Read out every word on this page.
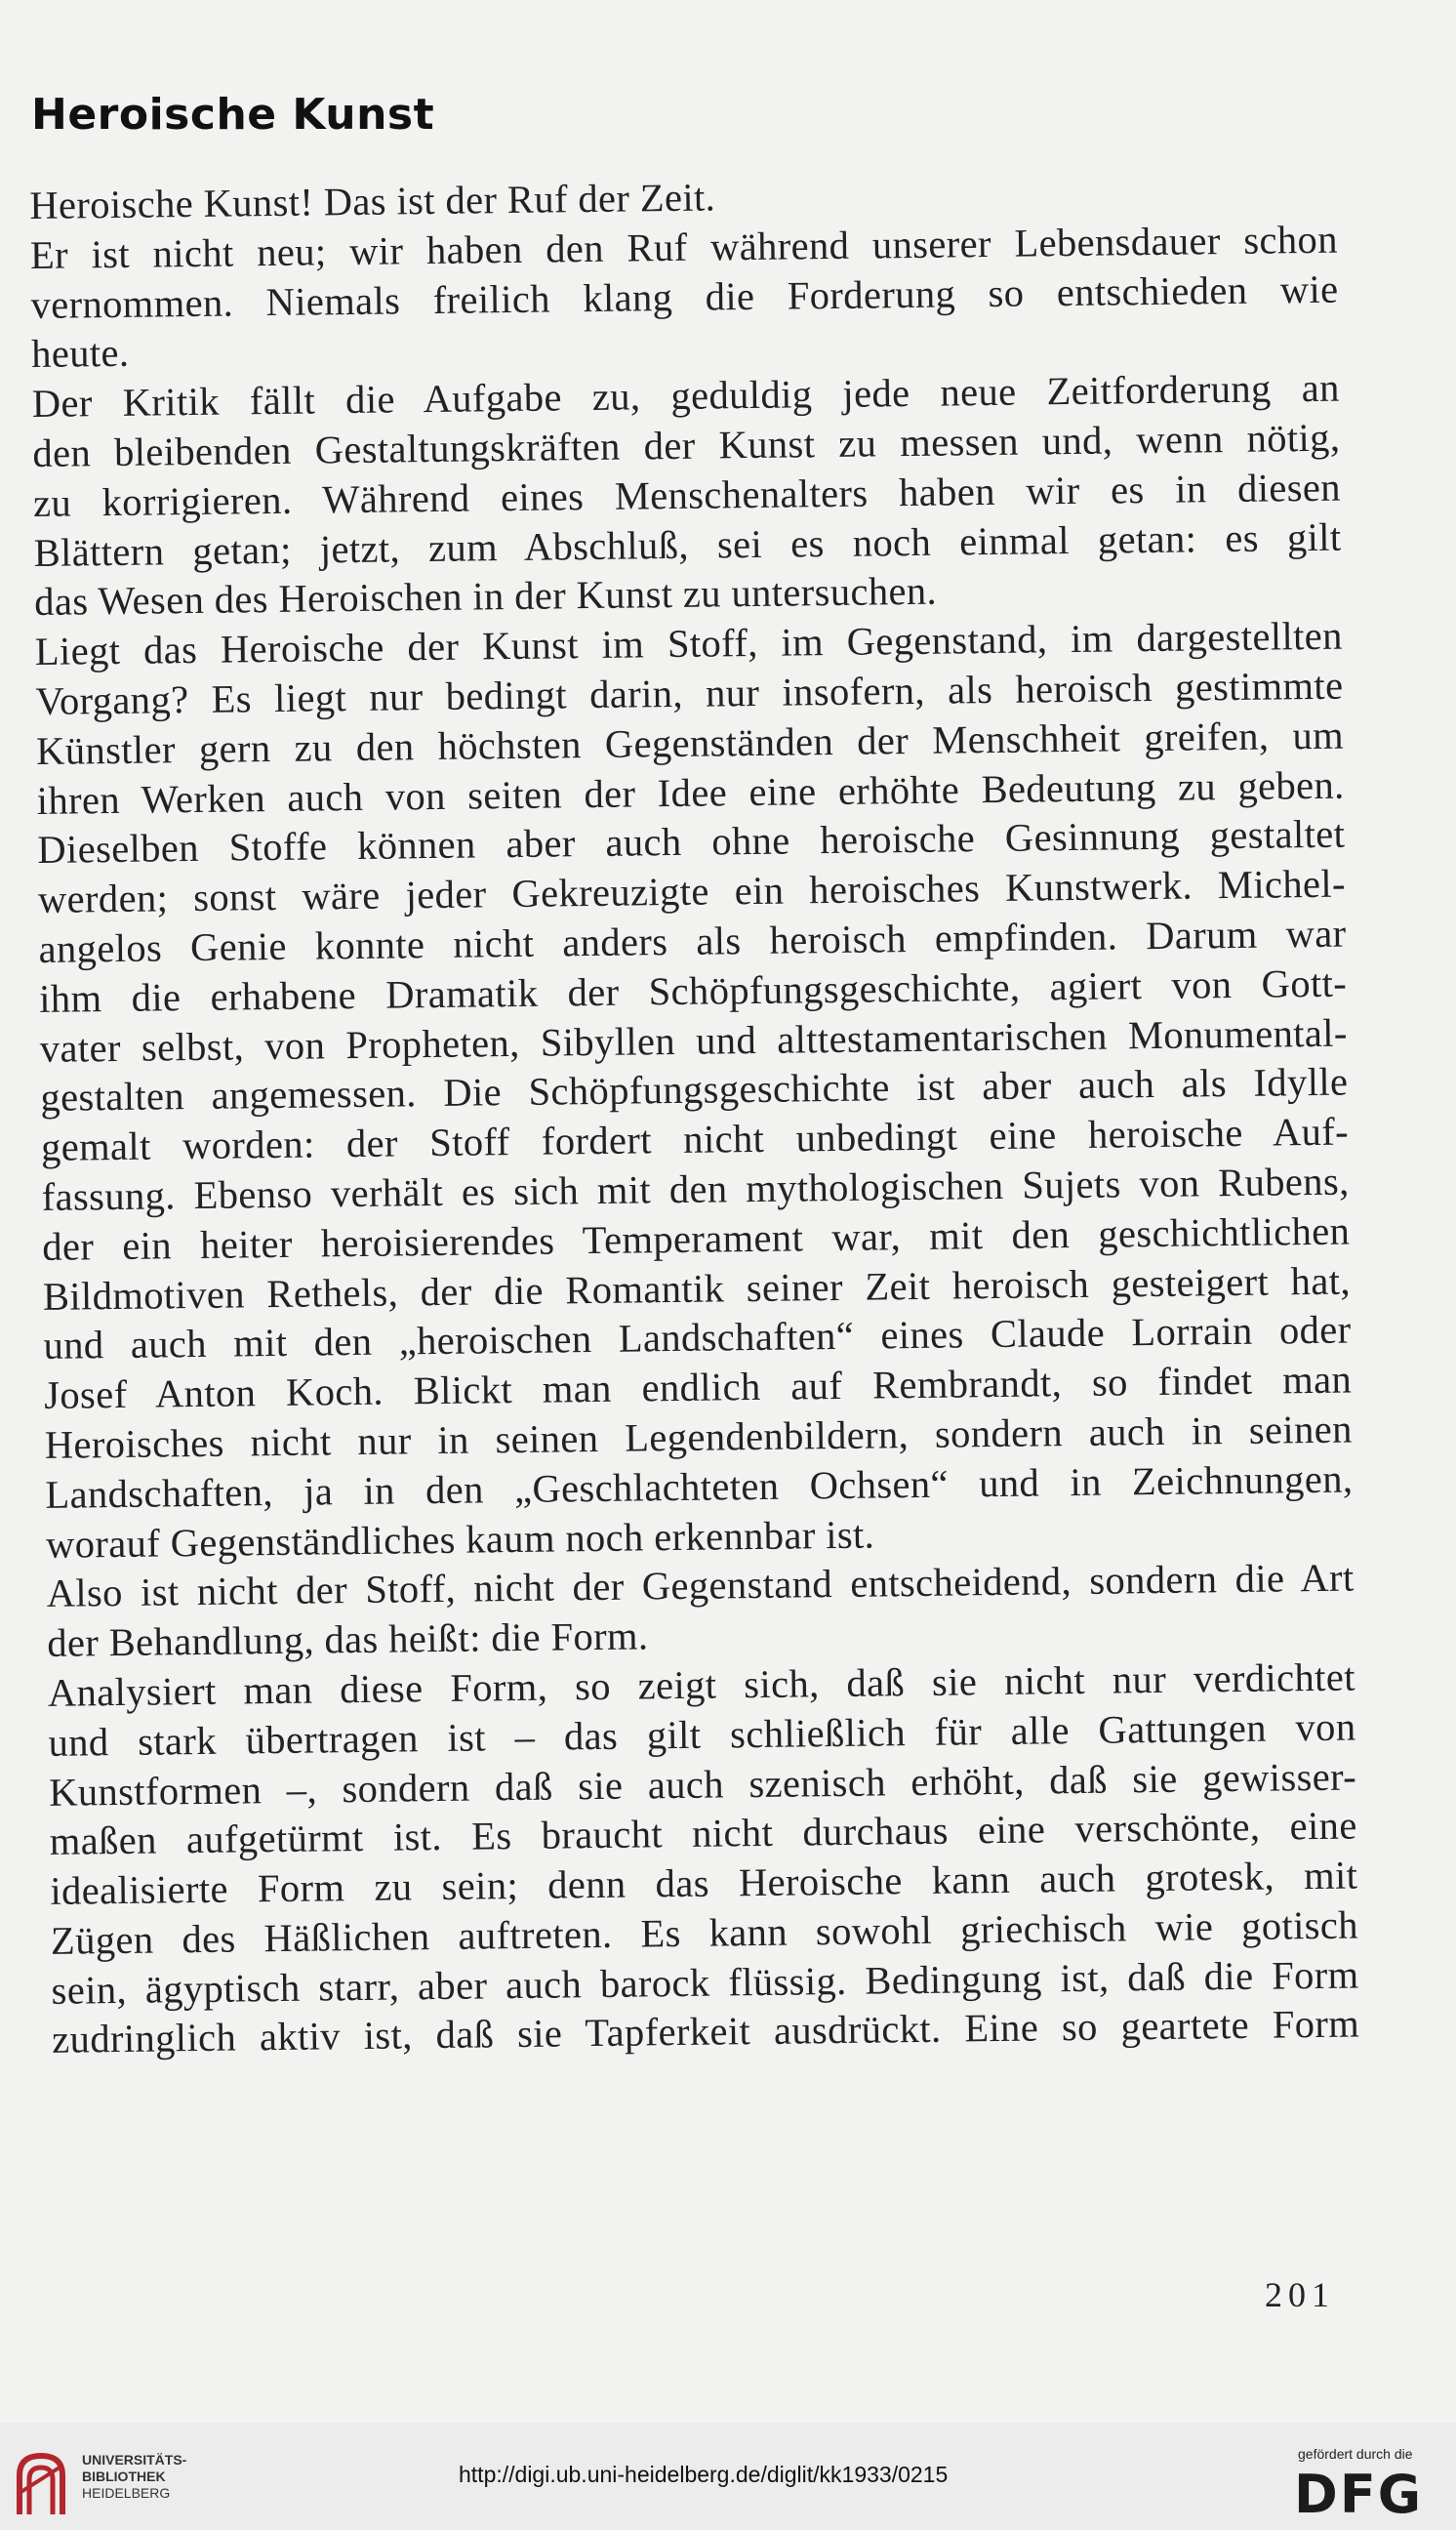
Heroische Kunst
Heroische Kunst! Das ist der Ruf der Zeit.
Er ist nicht neu; wir haben den Ruf während unserer Lebensdauer schon
vernommen. Niemals freilich klang die Forderung so entschieden wie
heute.
Der Kritik fällt die Aufgabe zu, geduldig jede neue Zeitforderung an
den bleibenden Gestaltungskräften der Kunst zu messen und, wenn nötig,
zu korrigieren. Während eines Menschenalters haben wir es in diesen
Blättern getan; jetzt, zum Abschluß, sei es noch einmal getan: es gilt
das Wesen des Heroischen in der Kunst zu untersuchen.
Liegt das Heroische der Kunst im Stoff, im Gegenstand, im dargestellten
Vorgang? Es liegt nur bedingt darin, nur insofern, als heroisch gestimmte
Künstler gern zu den höchsten Gegenständen der Menschheit greifen, um
ihren Werken auch von seiten der Idee eine erhöhte Bedeutung zu geben.
Dieselben Stoffe können aber auch ohne heroische Gesinnung gestaltet
werden; sonst wäre jeder Gekreuzigte ein heroisches Kunstwerk. Michel-
angelos Genie konnte nicht anders als heroisch empfinden. Darum war
ihm die erhabene Dramatik der Schöpfungsgeschichte, agiert von Gott-
vater selbst, von Propheten, Sibyllen und alttestamentarischen Monumental-
gestalten angemessen. Die Schöpfungsgeschichte ist aber auch als Idylle
gemalt worden: der Stoff fordert nicht unbedingt eine heroische Auf-
fassung. Ebenso verhält es sich mit den mythologischen Sujets von Rubens,
der ein heiter heroisierendes Temperament war, mit den geschichtlichen
Bildmotiven Rethels, der die Romantik seiner Zeit heroisch gesteigert hat,
und auch mit den „heroischen Landschaften“ eines Claude Lorrain oder
Josef Anton Koch. Blickt man endlich auf Rembrandt, so findet man
Heroisches nicht nur in seinen Legendenbildern, sondern auch in seinen
Landschaften, ja in den „Geschlachteten Ochsen“ und in Zeichnungen,
worauf Gegenständliches kaum noch erkennbar ist.
Also ist nicht der Stoff, nicht der Gegenstand entscheidend, sondern die Art
der Behandlung, das heißt: die Form.
Analysiert man diese Form, so zeigt sich, daß sie nicht nur verdichtet
und stark übertragen ist – das gilt schließlich für alle Gattungen von
Kunstformen –, sondern daß sie auch szenisch erhöht, daß sie gewisser-
maßen aufgetürmt ist. Es braucht nicht durchaus eine verschönte, eine
idealisierte Form zu sein; denn das Heroische kann auch grotesk, mit
Zügen des Häßlichen auftreten. Es kann sowohl griechisch wie gotisch
sein, ägyptisch starr, aber auch barock flüssig. Bedingung ist, daß die Form
zudringlich aktiv ist, daß sie Tapferkeit ausdrückt. Eine so geartete Form
201
UNIVERSITÄTS-
BIBLIOTHEK
HEIDELBERG
http://digi.ub.uni-heidelberg.de/diglit/kk1933/0215
gefördert durch die
DFG
